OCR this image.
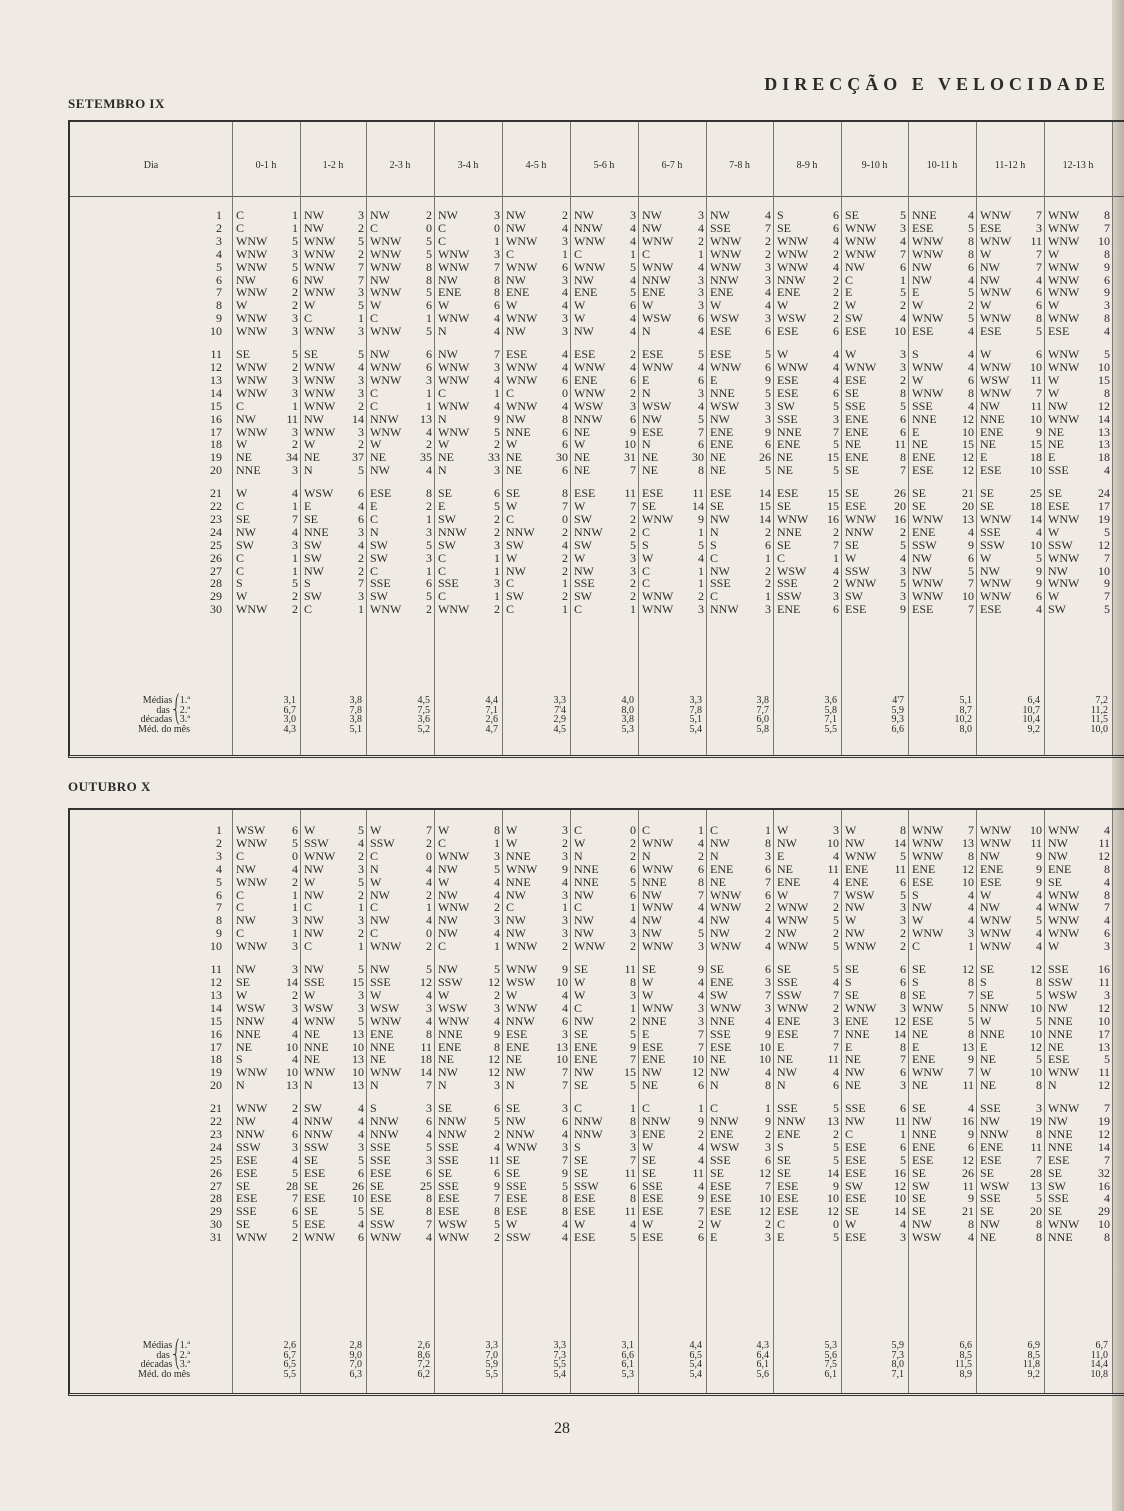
DIRECÇÃO E VELOCIDADE
SETEMBRO IX
Dia	0-1 h	1-2 h	2-3 h	3-4 h	4-5 h	5-6 h	6-7 h	7-8 h	8-9 h	9-10 h	10-11 h	11-12 h	12-13 h
1	C	1	NW	3	NW	2	NW	3	NW	2	NW	3	NW	3	NW	4	S	6	SE	5	NNE	4	WNW	7	WNW	8
2	C	1	NW	2	C	0	C	0	NW	4	NNW	4	NW	4	SSE	7	SE	6	WNW	3	ESE	5	ESE	3	WNW	7
3	WNW	5	WNW	5	WNW	5	C	1	WNW	3	WNW	4	WNW	2	WNW	2	WNW	4	WNW	4	WNW	8	WNW	11	WNW	10
4	WNW	3	WNW	2	WNW	5	WNW	3	C	1	C	1	C	1	WNW	2	WNW	2	WNW	7	WNW	8	W	7	W	8
5	WNW	5	WNW	7	WNW	8	WNW	7	WNW	6	WNW	5	WNW	4	WNW	3	WNW	4	NW	6	NW	6	NW	7	WNW	9
6	NW	6	NW	7	NW	8	NW	8	NW	3	NW	4	NNW	3	NNW	3	NNW	2	C	1	NW	4	NW	4	WNW	6
7	WNW	2	WNW	3	WNW	5	ENE	8	ENE	4	ENE	5	ENE	3	ENE	4	ENE	2	E	5	E	5	WNW	6	WNW	9
8	W	2	W	5	W	6	W	6	W	4	W	6	W	3	W	4	W	2	W	2	W	2	W	6	W	3
9	WNW	3	C	1	C	1	WNW	4	WNW	3	W	4	WSW	6	WSW	3	WSW	2	SW	4	WNW	5	WNW	8	WNW	8
10	WNW	3	WNW	3	WNW	5	N	4	NW	3	NW	4	N	4	ESE	6	ESE	6	ESE	10	ESE	4	ESE	5	ESE	4

11	SE	5	SE	5	NW	6	NW	7	ESE	4	ESE	2	ESE	5	ESE	5	W	4	W	3	S	4	W	6	WNW	5
12	WNW	2	WNW	4	WNW	6	WNW	3	WNW	4	WNW	4	WNW	4	WNW	6	WNW	4	WNW	3	WNW	4	WNW	10	WNW	10
13	WNW	3	WNW	3	WNW	3	WNW	4	WNW	6	ENE	6	E	6	E	9	ESE	4	ESE	2	W	6	WSW	11	W	15
14	WNW	3	WNW	3	C	1	C	1	C	0	WNW	2	N	3	NNE	5	ESE	6	SE	8	WNW	8	WNW	7	W	8
15	C	1	WNW	2	C	1	WNW	4	WNW	4	WSW	3	WSW	4	WSW	3	SW	5	SSE	5	SSE	4	NW	11	NW	12
16	NW	11	NW	14	NNW	13	N	9	NW	8	NNW	6	NW	5	NW	3	SSE	3	ENE	6	NNE	12	NNE	10	WNW	14
17	WNW	3	WNW	3	WNW	4	WNW	5	NNE	6	NE	9	ESE	7	ENE	9	NNE	7	ENE	6	E	10	ENE	9	NE	13
18	W	2	W	2	W	2	W	2	W	6	W	10	N	6	ENE	6	ENE	5	NE	11	NE	15	NE	15	NE	13
19	NE	34	NE	37	NE	35	NE	33	NE	30	NE	31	NE	30	NE	26	NE	15	ENE	8	ENE	12	E	18	E	18
20	NNE	3	N	5	NW	4	N	3	NE	6	NE	7	NE	8	NE	5	NE	5	SE	7	ESE	12	ESE	10	SSE	4

21	W	4	WSW	6	ESE	8	SE	6	SE	8	ESE	11	ESE	11	ESE	14	ESE	15	SE	26	SE	21	SE	25	SE	24
22	C	1	E	4	E	2	E	5	W	7	W	7	SE	14	SE	15	SE	15	ESE	20	SE	20	SE	18	ESE	17
23	SE	7	SE	6	C	1	SW	2	C	0	SW	2	WNW	9	NW	14	WNW	16	WNW	16	WNW	13	WNW	14	WNW	19
24	NW	4	NNE	3	N	3	NNW	2	NNW	2	NNW	2	C	1	N	2	NNE	2	NNW	2	ENE	4	SSE	4	W	5
25	SW	3	SW	4	SW	5	SW	3	SW	4	SW	5	S	5	S	6	SE	7	SE	5	SSW	9	SSW	10	SSW	12
26	C	1	SW	2	SW	3	C	1	W	2	W	3	W	4	C	1	C	1	W	4	NW	6	W	5	WNW	7
27	C	1	NW	2	C	1	C	1	NW	2	NW	3	C	1	NW	2	WSW	4	SSW	3	NW	5	NW	9	NW	10
28	S	5	S	7	SSE	6	SSE	3	C	1	SSE	2	C	1	SSE	2	SSE	2	WNW	5	WNW	7	WNW	9	WNW	9
29	W	2	SW	3	SW	5	C	1	SW	2	SW	2	WNW	2	C	1	SSW	3	SW	3	WNW	10	WNW	6	W	7
30	WNW	2	C	1	WNW	2	WNW	2	C	1	C	1	WNW	3	NNW	3	ENE	6	ESE	9	ESE	7	ESE	4	SW	5
Médias ⎛1.ª
das ⎨2.ª
décadas ⎝3.ª
Méd. do mês
3,1	3,8	4,5	4,4	3,3	4,0	3,3	3,8	3,6	4'7	5,1	6,4	7,2
6,7	7,8	7,5	7,1	7'4	8,0	7,8	7,7	5,8	5,9	8,7	10,7	11,2
3,0	3,8	3,6	2,6	2,9	3,8	5,1	6,0	7,1	9,3	10,2	10,4	11,5
4,3	5,1	5,2	4,7	4,5	5,3	5,4	5,8	5,5	6,6	8,0	9,2	10,0
OUTUBRO X
1	WSW	6	W	5	W	7	W	8	W	3	C	0	C	1	C	1	W	3	W	8	WNW	7	WNW	10	WNW	4
2	WNW	5	SSW	4	SSW	2	C	1	W	2	W	2	WNW	4	NW	8	NW	10	NW	14	WNW	13	WNW	11	NW	11
3	C	0	WNW	2	C	0	WNW	3	NNE	3	N	2	N	2	N	3	E	4	WNW	5	WNW	8	NW	9	NW	12
4	NW	4	NW	3	N	4	NW	5	WNW	9	NNE	6	WNW	6	ENE	6	NE	11	ENE	11	ENE	12	ENE	9	ENE	8
5	WNW	2	W	5	W	4	W	4	NNE	4	NNE	5	NNE	8	NE	7	ENE	4	ENE	6	ESE	10	ESE	9	SE	4
6	C	1	NW	2	NW	2	NW	4	NW	3	NW	6	NW	7	WNW	6	W	7	WSW	5	S	4	W	4	WNW	8
7	C	1	C	1	C	1	WNW	2	C	1	C	1	WNW	4	WNW	2	WNW	2	NW	3	NW	4	NW	4	WNW	7
8	NW	3	NW	3	NW	4	NW	3	NW	3	NW	4	NW	4	NW	4	WNW	5	W	3	W	4	WNW	5	WNW	4
9	C	1	NW	2	C	0	NW	4	NW	3	NW	3	NW	5	NW	2	NW	2	NW	2	WNW	3	WNW	4	WNW	6
10	WNW	3	C	1	WNW	2	C	1	WNW	2	WNW	2	WNW	3	WNW	4	WNW	5	WNW	2	C	1	WNW	4	W	3

11	NW	3	NW	5	NW	5	NW	5	WNW	9	SE	11	SE	9	SE	6	SE	5	SE	6	SE	12	SE	12	SSE	16
12	SE	14	SSE	15	SSE	12	SSW	12	WSW	10	W	8	W	4	ENE	3	SSE	4	S	6	S	8	S	8	SSW	11
13	W	2	W	3	W	4	W	2	W	4	W	3	W	4	SW	7	SSW	7	SE	8	SE	7	SE	5	WSW	3
14	WSW	3	WSW	3	WSW	3	WSW	3	WNW	4	C	1	WNW	3	WNW	3	WNW	2	WNW	3	WNW	5	NNW	10	NW	12
15	NNW	4	WNW	5	WNW	4	WNW	4	NNW	6	NW	2	NNE	3	NNE	4	ENE	3	ENE	12	ESE	5	W	5	NNE	10
16	NNE	4	NE	13	ENE	8	NNE	9	ESE	3	SE	5	E	7	SSE	9	ESE	7	NNE	14	NE	8	NNE	10	NNE	17
17	NE	10	NNE	10	NNE	11	ENE	8	ENE	13	ENE	9	ESE	7	ESE	10	E	7	E	8	E	13	E	12	NE	13
18	S	4	NE	13	NE	18	NE	12	NE	10	ENE	7	ENE	10	NE	10	NE	11	NE	7	ENE	9	NE	5	ESE	5
19	WNW	10	WNW	10	WNW	14	NW	12	NW	7	NW	15	NW	12	NW	4	NW	4	NW	6	WNW	7	W	10	WNW	11
20	N	13	N	13	N	7	N	3	N	7	SE	5	NE	6	N	8	N	6	NE	3	NE	11	NE	8	N	12

21	WNW	2	SW	4	S	3	SE	6	SE	3	C	1	C	1	C	1	SSE	5	SSE	6	SE	4	SSE	3	WNW	7
22	NW	4	NNW	4	NNW	6	NNW	5	NW	6	NNW	8	NNW	9	NNW	9	NNW	13	NW	11	NW	16	NW	19	NW	19
23	NNW	6	NNW	4	NNW	4	NNW	2	NNW	4	NNW	3	ENE	2	ENE	2	ENE	2	C	1	NNE	9	NNW	8	NNE	12
24	SSW	3	SSW	3	SSE	5	SSE	4	WNW	3	S	3	W	4	WSW	3	S	5	ESE	6	ENE	6	ENE	11	NNE	14
25	ESE	4	SE	5	SSE	3	SSE	11	SE	7	SE	7	SE	4	SSE	6	SE	5	ESE	5	ESE	12	ESE	7	ESE	7
26	ESE	5	ESE	6	ESE	6	SE	6	SE	9	SE	11	SE	11	SE	12	SE	14	ESE	16	SE	26	SE	28	SE	32
27	SE	28	SE	26	SE	25	SSE	9	SSE	5	SSW	6	SSE	4	ESE	7	ESE	9	SW	12	SW	11	WSW	13	SW	16
28	ESE	7	ESE	10	ESE	8	ESE	7	ESE	8	ESE	8	ESE	9	ESE	10	ESE	10	ESE	10	SE	9	SSE	5	SSE	4
29	SSE	6	SE	5	SE	8	ESE	8	ESE	8	ESE	11	ESE	7	ESE	12	ESE	12	SE	14	SE	21	SE	20	SE	29
30	SE	5	ESE	4	SSW	7	WSW	5	W	4	W	4	W	2	W	2	C	0	W	4	NW	8	NW	8	WNW	10
31	WNW	2	WNW	6	WNW	4	WNW	2	SSW	4	ESE	5	ESE	6	E	3	E	5	ESE	3	WSW	4	NE	8	NNE	8
Médias ⎛1.ª
das ⎨2.ª
décadas ⎝3.ª
Méd. do mês
2,6	2,8	2,6	3,3	3,3	3,1	4,4	4,3	5,3	5,9	6,6	6,9	6,7
6,7	9,0	8,6	7,0	7,3	6,6	6,5	6,4	5,6	7,3	8,5	8,5	11,0
6,5	7,0	7,2	5,9	5,5	6,1	5,4	6,1	7,5	8,0	11,5	11,8	14,4
5,5	6,3	6,2	5,5	5,4	5,3	5,4	5,6	6,1	7,1	8,9	9,2	10,8
28
